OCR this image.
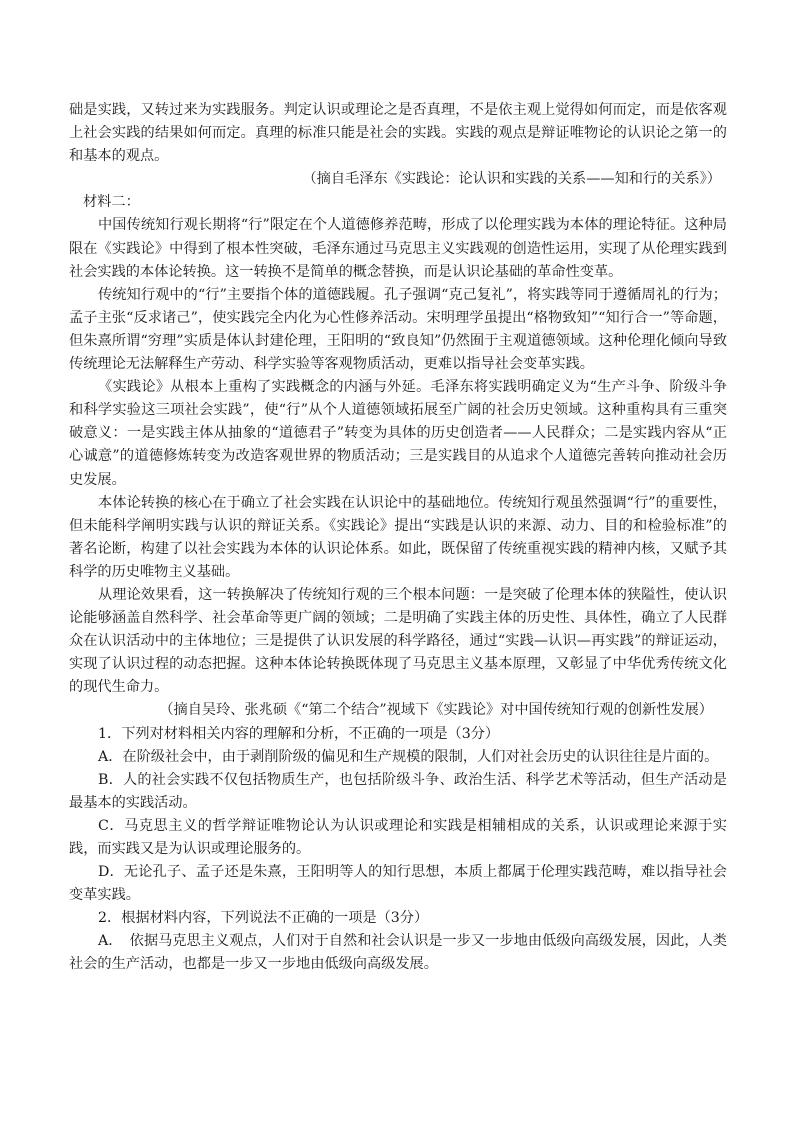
础是实践，又转过来为实践服务。判定认识或理论之是否真理，不是依主观上觉得如何而定，而是依客观上社会实践的结果如何而定。真理的标准只能是社会的实践。实践的观点是辩证唯物论的认识论之第一的和基本的观点。

（摘自毛泽东《实践论：论认识和实践的关系——知和行的关系》）

材料二：

中国传统知行观长期将“行”限定在个人道德修养范畴，形成了以伦理实践为本体的理论特征。这种局限在《实践论》中得到了根本性突破，毛泽东通过马克思主义实践观的创造性运用，实现了从伦理实践到社会实践的本体论转换。这一转换不是简单的概念替换，而是认识论基础的革命性变革。

传统知行观中的“行”主要指个体的道德践履。孔子强调“克己复礼”，将实践等同于遵循周礼的行为；孟子主张“反求诸己”，使实践完全内化为心性修养活动。宋明理学虽提出“格物致知”“知行合一”等命题，但朱熹所谓“穷理”实质是体认封建伦理，王阳明的“致良知”仍然囿于主观道德领域。这种伦理化倾向导致传统理论无法解释生产劳动、科学实验等客观物质活动，更难以指导社会变革实践。

《实践论》从根本上重构了实践概念的内涵与外延。毛泽东将实践明确定义为“生产斗争、阶级斗争和科学实验这三项社会实践”，使“行”从个人道德领域拓展至广阔的社会历史领域。这种重构具有三重突破意义：一是实践主体从抽象的“道德君子”转变为具体的历史创造者——人民群众；二是实践内容从“正心诚意”的道德修炼转变为改造客观世界的物质活动；三是实践目的从追求个人道德完善转向推动社会历史发展。

本体论转换的核心在于确立了社会实践在认识论中的基础地位。传统知行观虽然强调“行”的重要性，但未能科学阐明实践与认识的辩证关系。《实践论》提出“实践是认识的来源、动力、目的和检验标准”的著名论断，构建了以社会实践为本体的认识论体系。如此，既保留了传统重视实践的精神内核，又赋予其科学的历史唯物主义基础。

从理论效果看，这一转换解决了传统知行观的三个根本问题：一是突破了伦理本体的狭隘性，使认识论能够涵盖自然科学、社会革命等更广阔的领域；二是明确了实践主体的历史性、具体性，确立了人民群众在认识活动中的主体地位；三是提供了认识发展的科学路径，通过“实践—认识—再实践”的辩证运动，实现了认识过程的动态把握。这种本体论转换既体现了马克思主义基本原理，又彰显了中华优秀传统文化的现代生命力。

（摘自吴玲、张兆硕《“第二个结合”视域下《实践论》对中国传统知行观的创新性发展）

1．下列对材料相关内容的理解和分析，不正确的一项是（3分）

A．在阶级社会中，由于剥削阶级的偏见和生产规模的限制，人们对社会历史的认识往往是片面的。

B．人的社会实践不仅包括物质生产，也包括阶级斗争、政治生活、科学艺术等活动，但生产活动是最基本的实践活动。

C．马克思主义的哲学辩证唯物论认为认识或理论和实践是相辅相成的关系，认识或理论来源于实践，而实践又是为认识或理论服务的。

D．无论孔子、孟子还是朱熹，王阳明等人的知行思想，本质上都属于伦理实践范畴，难以指导社会变革实践。

2．根据材料内容，下列说法不正确的一项是（3分）

A．　依据马克思主义观点，人们对于自然和社会认识是一步又一步地由低级向高级发展，因此，人类社会的生产活动，也都是一步又一步地由低级向高级发展。
